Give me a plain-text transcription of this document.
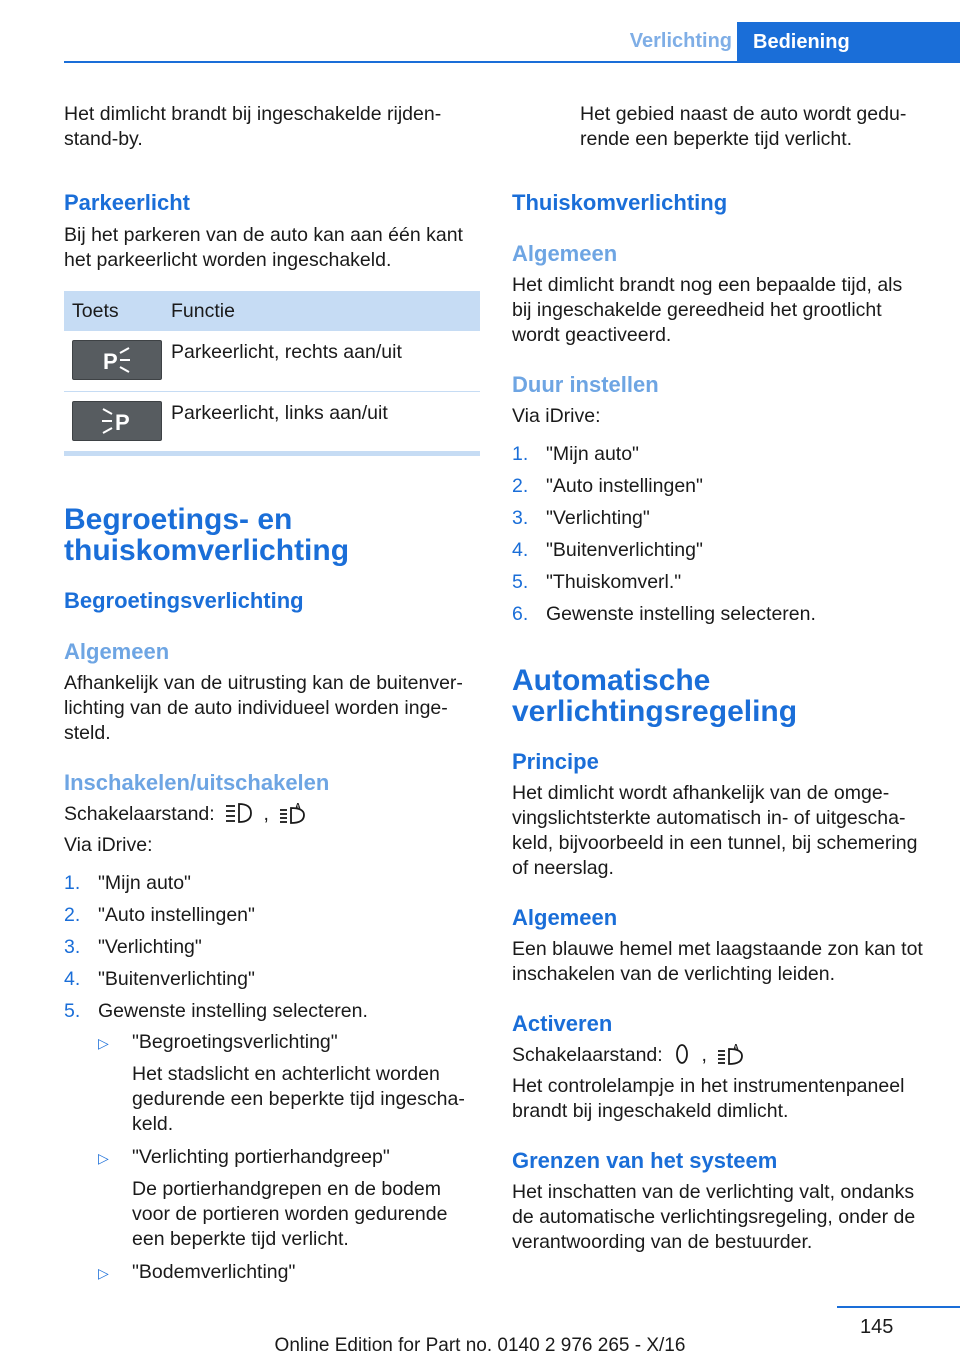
Verlichting	Bediening

Het dimlicht brandt bij ingeschakelde rijdenstand-by.

Parkeerlicht

Bij het parkeren van de auto kan aan één kant het parkeerlicht worden ingeschakeld.

Toets	Functie

P	Parkeerlicht, rechts aan/uit

P	Parkeerlicht, links aan/uit
Begroetings- en
thuiskomverlichting
Begroetingsverlichting
Algemeen

Afhankelijk van de uitrusting kan de buitenverlichting van de auto individueel worden ingesteld.

Inschakelen/uitschakelen

Schakelaarstand:	,	A

Via iDrive:

1. "Mijn auto"
2. "Auto instellingen"
3. "Verlichting"
4. "Buitenverlichting"
5. Gewenste instelling selecteren.
▷ "Begroetingsverlichting"
Het stadslicht en achterlicht worden gedurende een beperkte tijd ingeschakeld.
▷ "Verlichting portierhandgreep"
De portierhandgrepen en de bodem voor de portieren worden gedurende een beperkte tijd verlicht.
▷ "Bodemverlichting"

Het gebied naast de auto wordt gedurende een beperkte tijd verlicht.

Thuiskomverlichting
Algemeen

Het dimlicht brandt nog een bepaalde tijd, als bij ingeschakelde gereedheid het grootlicht wordt geactiveerd.

Duur instellen

Via iDrive:

1. "Mijn auto"
2. "Auto instellingen"
3. "Verlichting"
4. "Buitenverlichting"
5. "Thuiskomverl."
6. Gewenste instelling selecteren.
Automatische
verlichtingsregeling
Principe

Het dimlicht wordt afhankelijk van de omgevingslichtsterkte automatisch in- of uitgeschakeld, bijvoorbeeld in een tunnel, bij schemering of neerslag.

Algemeen

Een blauwe hemel met laagstaande zon kan tot inschakelen van de verlichting leiden.

Activeren

Schakelaarstand: ,	A

Het controlelampje in het instrumentenpaneel brandt bij ingeschakeld dimlicht.

Grenzen van het systeem

Het inschatten van de verlichting valt, ondanks de automatische verlichtingsregeling, onder de verantwoording van de bestuurder.

145
Online Edition for Part no. 0140 2 976 265 - X/16
